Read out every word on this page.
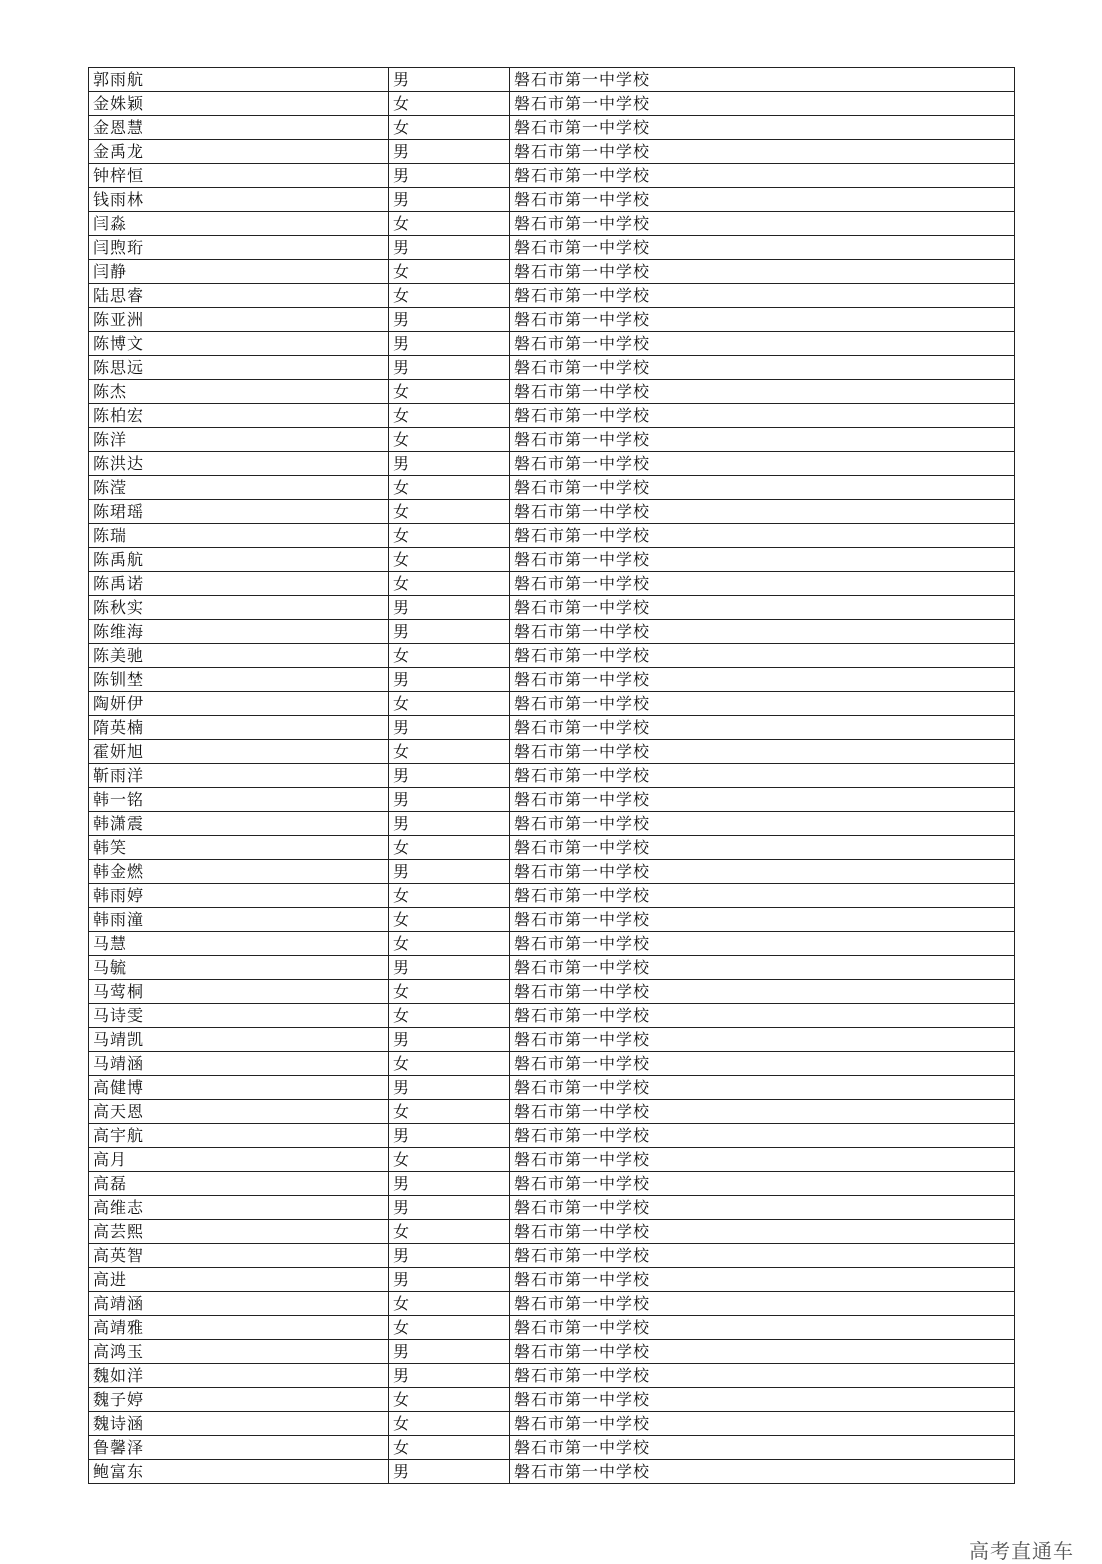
郭雨航	男	磐石市第一中学校
金姝颖	女	磐石市第一中学校
金恩慧	女	磐石市第一中学校
金禹龙	男	磐石市第一中学校
钟梓恒	男	磐石市第一中学校
钱雨林	男	磐石市第一中学校
闫淼	女	磐石市第一中学校
闫煦珩	男	磐石市第一中学校
闫静	女	磐石市第一中学校
陆思睿	女	磐石市第一中学校
陈亚洲	男	磐石市第一中学校
陈博文	男	磐石市第一中学校
陈思远	男	磐石市第一中学校
陈杰	女	磐石市第一中学校
陈柏宏	女	磐石市第一中学校
陈洋	女	磐石市第一中学校
陈洪达	男	磐石市第一中学校
陈滢	女	磐石市第一中学校
陈珺瑶	女	磐石市第一中学校
陈瑞	女	磐石市第一中学校
陈禹航	女	磐石市第一中学校
陈禹诺	女	磐石市第一中学校
陈秋实	男	磐石市第一中学校
陈维海	男	磐石市第一中学校
陈美驰	女	磐石市第一中学校
陈钏埜	男	磐石市第一中学校
陶妍伊	女	磐石市第一中学校
隋英楠	男	磐石市第一中学校
霍妍旭	女	磐石市第一中学校
靳雨洋	男	磐石市第一中学校
韩一铭	男	磐石市第一中学校
韩潇震	男	磐石市第一中学校
韩笑	女	磐石市第一中学校
韩金燃	男	磐石市第一中学校
韩雨婷	女	磐石市第一中学校
韩雨潼	女	磐石市第一中学校
马慧	女	磐石市第一中学校
马毓	男	磐石市第一中学校
马莺桐	女	磐石市第一中学校
马诗雯	女	磐石市第一中学校
马靖凯	男	磐石市第一中学校
马靖涵	女	磐石市第一中学校
高健博	男	磐石市第一中学校
高天恩	女	磐石市第一中学校
高宇航	男	磐石市第一中学校
高月	女	磐石市第一中学校
高磊	男	磐石市第一中学校
高维志	男	磐石市第一中学校
高芸熙	女	磐石市第一中学校
高英智	男	磐石市第一中学校
高进	男	磐石市第一中学校
高靖涵	女	磐石市第一中学校
高靖雅	女	磐石市第一中学校
高鸿玉	男	磐石市第一中学校
魏如洋	男	磐石市第一中学校
魏子婷	女	磐石市第一中学校
魏诗涵	女	磐石市第一中学校
鲁馨泽	女	磐石市第一中学校
鲍富东	男	磐石市第一中学校
高考直通车
